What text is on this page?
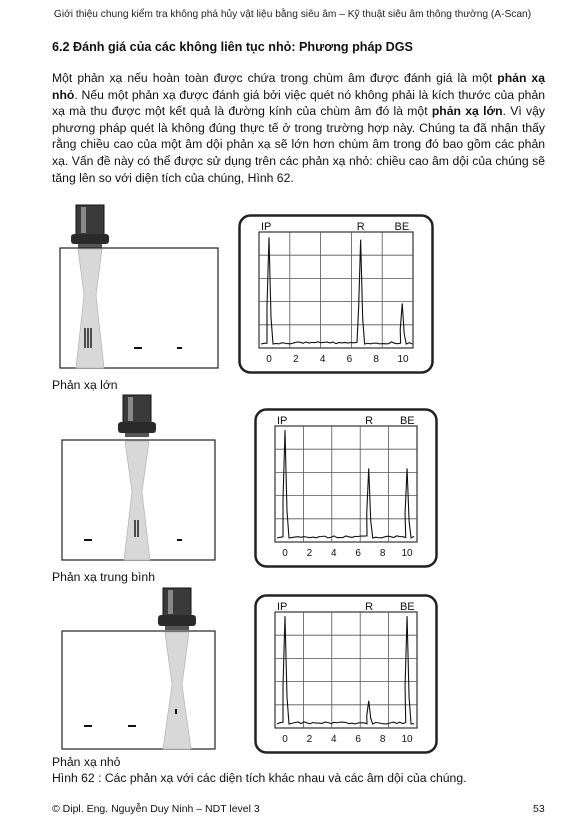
Giới thiệu chung kiểm tra không phá hủy vật liệu bằng siêu âm – Kỹ thuật siêu âm thông thường (A-Scan)
6.2 Đánh giá của các không liên tục nhỏ: Phương pháp DGS
Một phản xạ nếu hoàn toàn được chứa trong chùm âm được đánh giá là một phản xạ nhỏ. Nếu một phản xạ được đánh giá bởi việc quét nó không phải là kích thước của phản xạ mà thu được một kết quả là đường kính của chùm âm đó là một phản xạ lớn. Vì vậy phương pháp quét là không đúng thực tế ở trong trường hợp này. Chúng ta đã nhận thấy rằng chiều cao của một âm dội phản xạ sẽ lớn hơn chùm âm trong đó bao gồm các phản xạ. Vấn đề này có thể được sử dụng trên các phản xạ nhỏ: chiều cao âm dội của chúng sẽ tăng lên so với diện tích của chúng, Hình 62.
IP	R	BE
0 2 4 6 8 10
Phản xạ lớn
IP	R BE
0 2 4 6 8 10
Phản xạ trung bình
IP	R BE
0 2 4 6 8 10
Phản xạ nhỏ
Hình 62 : Các phản xạ với các diện tích khác nhau và các âm dội của chúng.
© Dipl. Eng. Nguyễn Duy Ninh – NDT level 3	53
